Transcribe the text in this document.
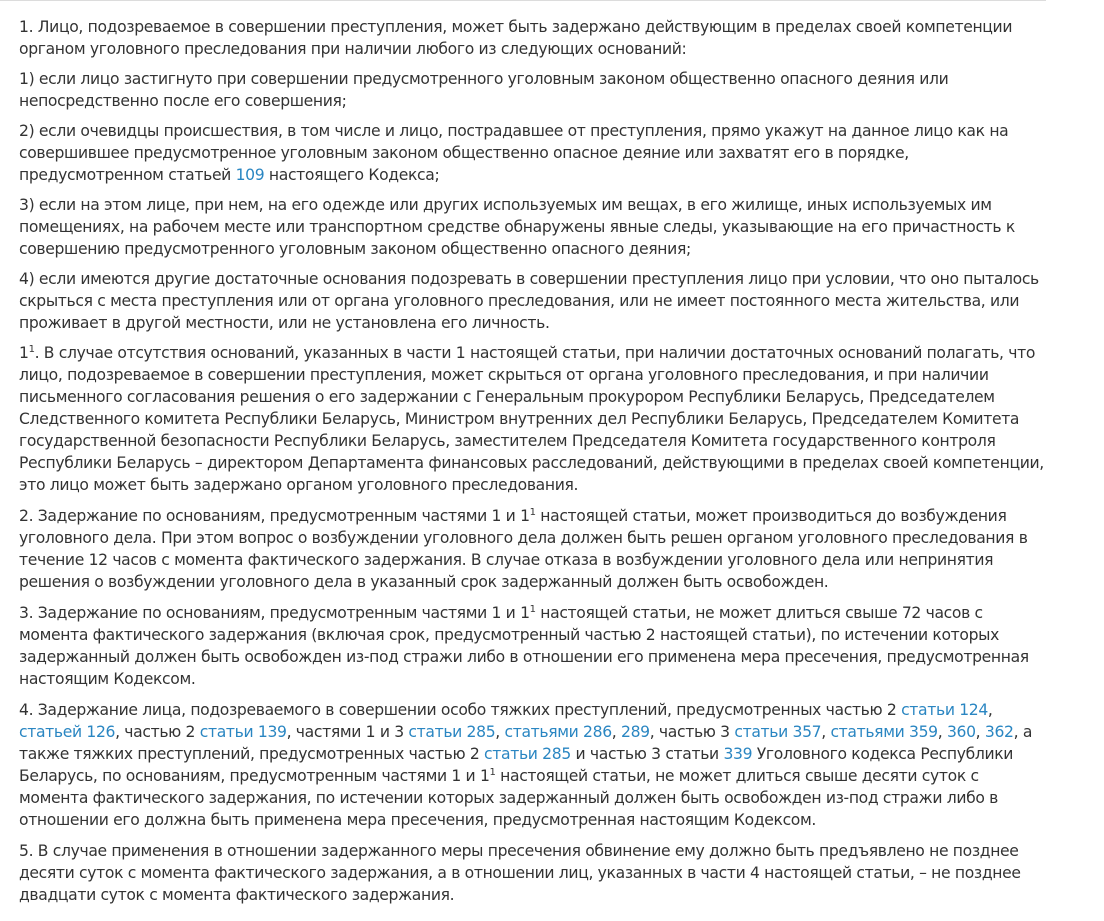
1. Лицо, подозреваемое в совершении преступления, может быть задержано действующим в пределах своей компетенции органом уголовного преследования при наличии любого из следующих оснований:

1) если лицо застигнуто при совершении предусмотренного уголовным законом общественно опасного деяния или непосредственно после его совершения;

2) если очевидцы происшествия, в том числе и лицо, пострадавшее от преступления, прямо укажут на данное лицо как на совершившее предусмотренное уголовным законом общественно опасное деяние или захватят его в порядке, предусмотренном статьей 109 настоящего Кодекса;

3) если на этом лице, при нем, на его одежде или других используемых им вещах, в его жилище, иных используемых им помещениях, на рабочем месте или транспортном средстве обнаружены явные следы, указывающие на его причастность к совершению предусмотренного уголовным законом общественно опасного деяния;

4) если имеются другие достаточные основания подозревать в совершении преступления лицо при условии, что оно пыталось скрыться с места преступления или от органа уголовного преследования, или не имеет постоянного места жительства, или проживает в другой местности, или не установлена его личность.

$1^1$. В случае отсутствия оснований, указанных в части 1 настоящей статьи, при наличии достаточных оснований полагать, что лицо, подозреваемое в совершении преступления, может скрыться от органа уголовного преследования, и при наличии письменного согласования решения о его задержании с Генеральным прокурором Республики Беларусь, Председателем Следственного комитета Республики Беларусь, Министром внутренних дел Республики Беларусь, Председателем Комитета государственной безопасности Республики Беларусь, заместителем Председателя Комитета государственного контроля Республики Беларусь – директором Департамента финансовых расследований, действующими в пределах своей компетенции, это лицо может быть задержано органом уголовного преследования.

2. Задержание по основаниям, предусмотренным частями 1 и $1^1$ настоящей статьи, может производиться до возбуждения уголовного дела. При этом вопрос о возбуждении уголовного дела должен быть решен органом уголовного преследования в течение 12 часов с момента фактического задержания. В случае отказа в возбуждении уголовного дела или непринятия решения о возбуждении уголовного дела в указанный срок задержанный должен быть освобожден.

3. Задержание по основаниям, предусмотренным частями 1 и $1^1$ настоящей статьи, не может длиться свыше 72 часов с момента фактического задержания (включая срок, предусмотренный частью 2 настоящей статьи), по истечении которых задержанный должен быть освобожден из-под стражи либо в отношении его применена мера пресечения, предусмотренная настоящим Кодексом.

4. Задержание лица, подозреваемого в совершении особо тяжких преступлений, предусмотренных частью 2 статьи 124, статьей 126, частью 2 статьи 139, частями 1 и 3 статьи 285, статьями 286, 289, частью 3 статьи 357, статьями 359, 360, 362, а также тяжких преступлений, предусмотренных частью 2 статьи 285 и частью 3 статьи 339 Уголовного кодекса Республики Беларусь, по основаниям, предусмотренным частями 1 и $1^1$ настоящей статьи, не может длиться свыше десяти суток с момента фактического задержания, по истечении которых задержанный должен быть освобожден из-под стражи либо в отношении его должна быть применена мера пресечения, предусмотренная настоящим Кодексом.

5. В случае применения в отношении задержанного меры пресечения обвинение ему должно быть предъявлено не позднее десяти суток с момента фактического задержания, а в отношении лиц, указанных в части 4 настоящей статьи, – не позднее двадцати суток с момента фактического задержания.
